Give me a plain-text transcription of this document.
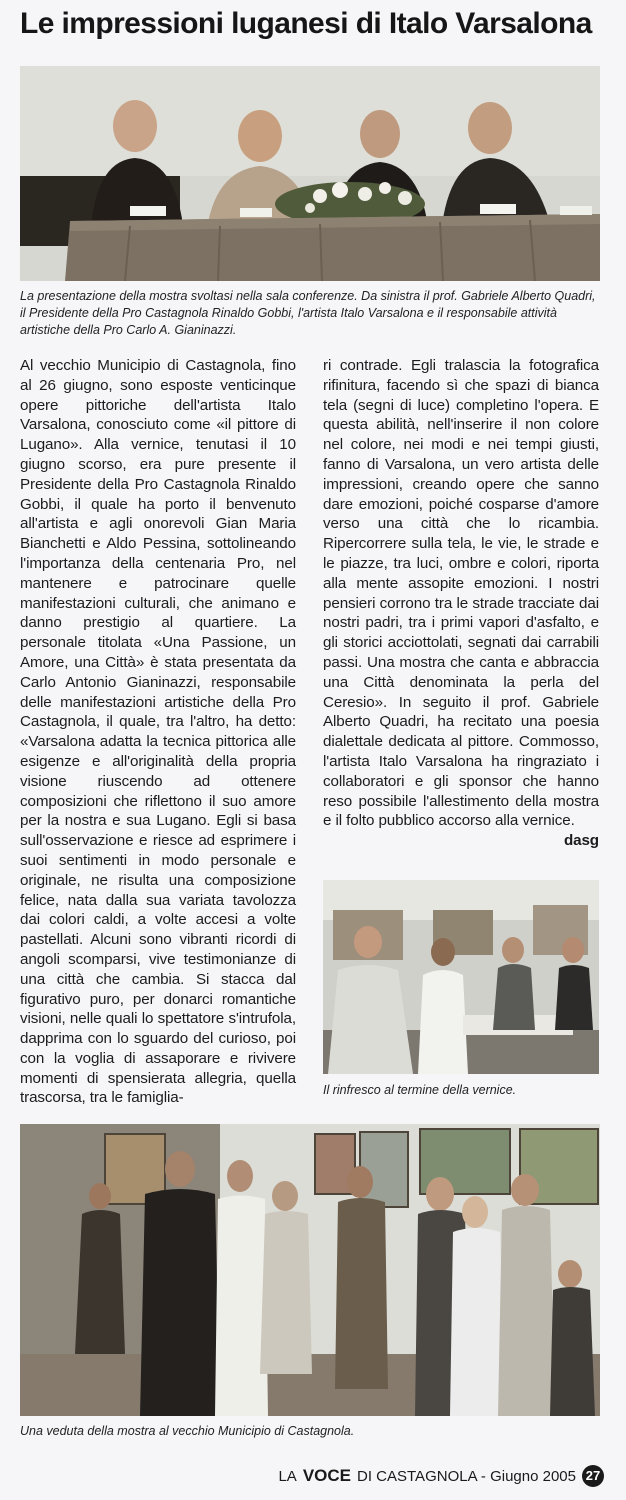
Le impressioni luganesi di Italo Varsalona

La presentazione della mostra svoltasi nella sala conferenze. Da sinistra il prof. Gabriele Alberto Quadri, il Presidente della Pro Castagnola Rinaldo Gobbi, l'artista Italo Varsalona e il responsabile attività artistiche della Pro Carlo A. Gianinazzi.

Al vecchio Municipio di Castagnola, fino al 26 giugno, sono esposte venticinque opere pittoriche dell'artista Italo Varsalona, conosciuto come «il pittore di Lugano». Alla vernice, tenutasi il 10 giugno scorso, era pure presente il Presidente della Pro Castagnola Rinaldo Gobbi, il quale ha porto il benvenuto all'artista e agli onorevoli Gian Maria Bianchetti e Aldo Pessina, sottolineando l'importanza della centenaria Pro, nel mantenere e patrocinare quelle manifestazioni culturali, che animano e danno prestigio al quartiere. La personale titolata «Una Passione, un Amore, una Città» è stata presentata da Carlo Antonio Gianinazzi, responsabile delle manifestazioni artistiche della Pro Castagnola, il quale, tra l'altro, ha detto: «Varsalona adatta la tecnica pittorica alle esigenze e all'originalità della propria visione riuscendo ad ottenere composizioni che riflettono il suo amore per la nostra e sua Lugano. Egli si basa sull'osservazione e riesce ad esprimere i suoi sentimenti in modo personale e originale, ne risulta una composizione felice, nata dalla sua variata tavolozza dai colori caldi, a volte accesi a volte pastellati. Alcuni sono vibranti ricordi di angoli scomparsi, vive testimonianze di una città che cambia. Si stacca dal figurativo puro, per donarci romantiche visioni, nelle quali lo spettatore s'intrufola, dapprima con lo sguardo del curioso, poi con la voglia di assaporare e rivivere momenti di spensierata allegria, quella trascorsa, tra le famiglia-

ri contrade. Egli tralascia la fotografica rifinitura, facendo sì che spazi di bianca tela (segni di luce) completino l'opera. E questa abilità, nell'inserire il non colore nel colore, nei modi e nei tempi giusti, fanno di Varsalona, un vero artista delle impressioni, creando opere che sanno dare emozioni, poiché cosparse d'amore verso una città che lo ricambia. Ripercorrere sulla tela, le vie, le strade e le piazze, tra luci, ombre e colori, riporta alla mente assopite emozioni. I nostri pensieri corrono tra le strade tracciate dai nostri padri, tra i primi vapori d'asfalto, e gli storici acciottolati, segnati dai carrabili passi. Una mostra che canta e abbraccia una Città denominata la perla del Ceresio». In seguito il prof. Gabriele Alberto Quadri, ha recitato una poesia dialettale dedicata al pittore. Commosso, l'artista Italo Varsalona ha ringraziato i collaboratori e gli sponsor che hanno reso possibile l'allestimento della mostra e il folto pubblico accorso alla vernice.

dasg

Il rinfresco al termine della vernice.

Una veduta della mostra al vecchio Municipio di Castagnola.

LA VOCE DI CASTAGNOLA - Giugno 2005 27
